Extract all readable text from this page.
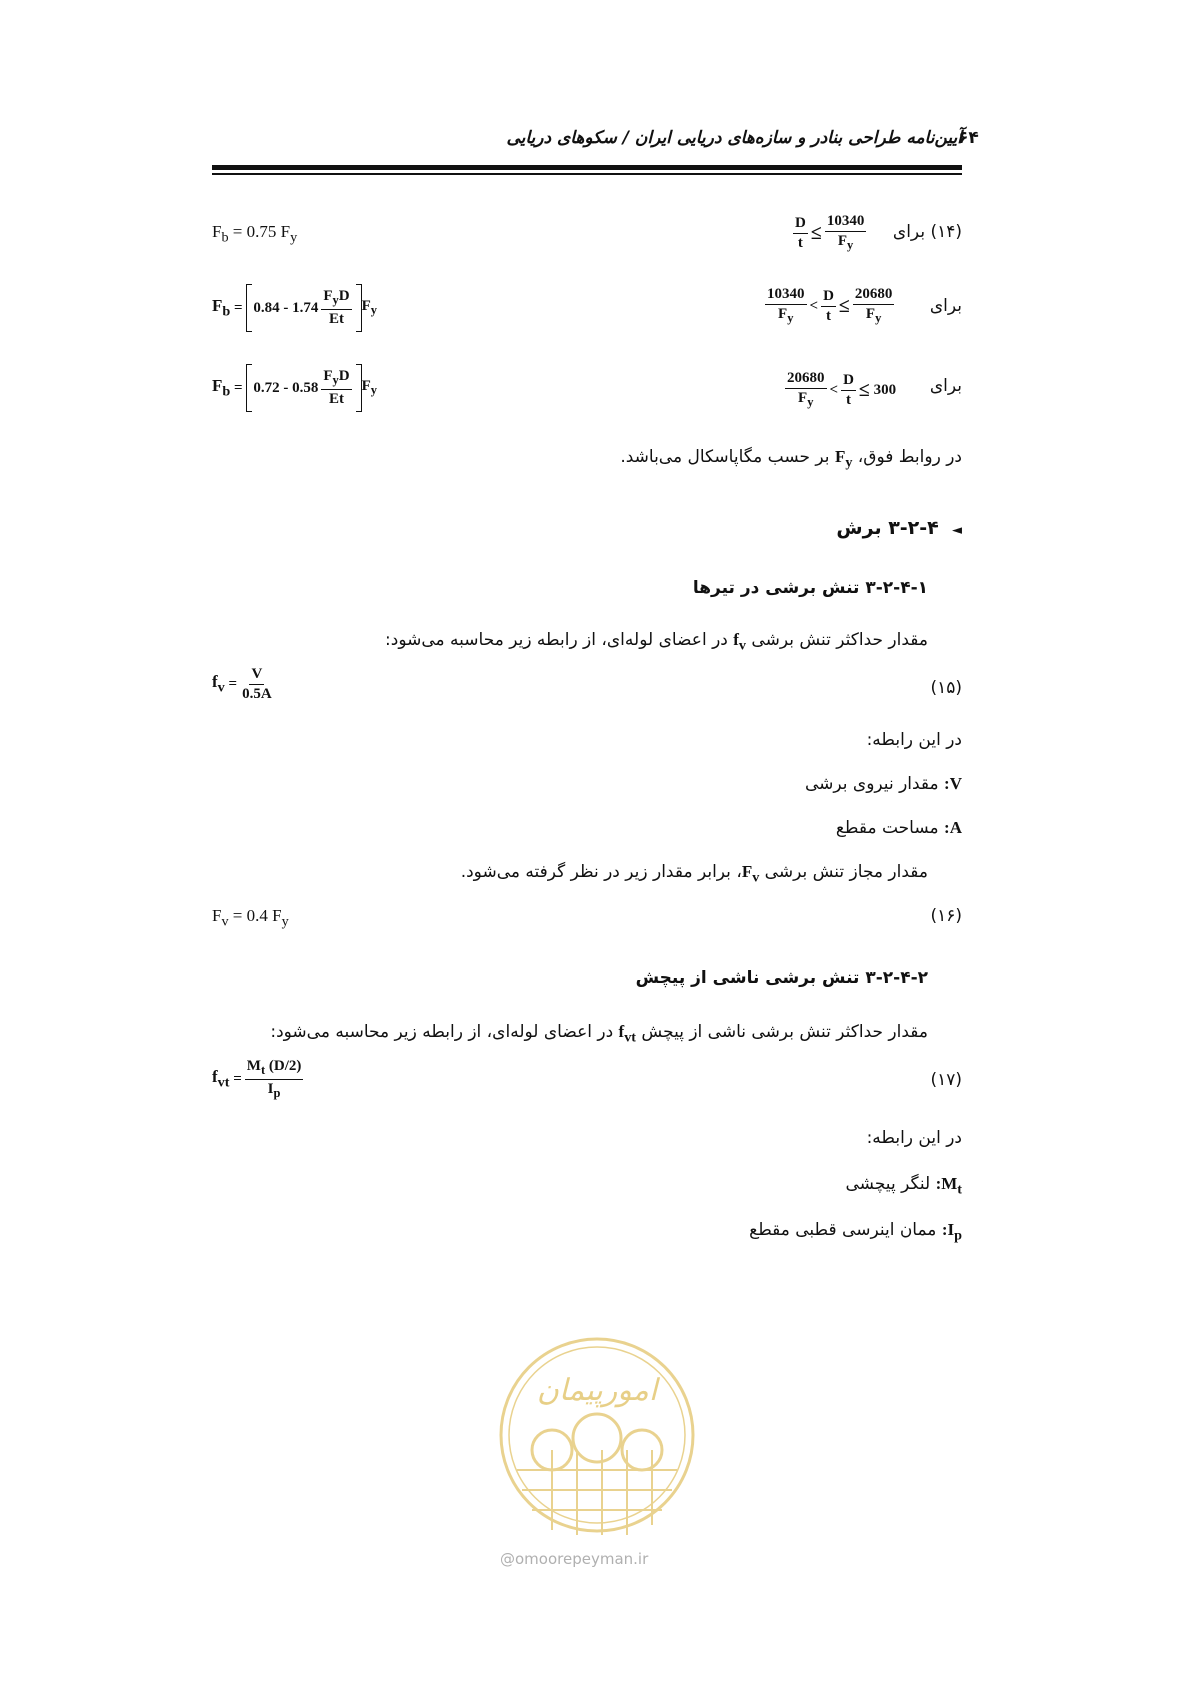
آیین‌نامه طراحی بنادر و سازه‌های دریایی ایران / سکوهای دریایی
۶۴
(۱۴) برای
$\frac{D}{t} \le \frac{10340}{F_y}$
$F_b = 0.75$ $F_y$
برای
$\frac{10340}{F_y} < \frac{D}{t} \le \frac{20680}{F_y}$
$F_b$
=
$0.84 - 1.74 \frac{F_yD}{Et} F_y$
برای
$\frac{20680}{F_y} < \frac{D}{t}$ ≤
300
$F_b$
=
$0.72 - 0.58 \frac{F_yD}{Et} F_y$
در روابط فوق، $F_y$ بر حسب مگاپاسکال می‌باشد.
◄  ۳-۲-۴ برش
۳-۲-۴-۱ تنش برشی در تیرها
مقدار حداکثر تنش برشی $f_v$ در اعضای لوله‌ای، از رابطه زیر محاسبه می‌شود:
(۱۵)
$f_v$
= $\frac{V}{0.5A}$
در این رابطه:
V: مقدار نیروی برشی
A: مساحت مقطع
مقدار مجاز تنش برشی $F_v،$ برابر مقدار زیر در نظر گرفته می‌شود.
(۱۶)
$F_v = 0.4$ $F_y$
۳-۲-۴-۲ تنش برشی ناشی از پیچش
مقدار حداکثر تنش برشی ناشی از پیچش $f_{vt}$ در اعضای لوله‌ای، از رابطه زیر محاسبه می‌شود:
(۱۷)
$f_{vt}$
= $\frac{M_t (D/2)}{I_p}$
در این رابطه:
$M_t$: لنگر پیچشی
$I_p$: ممان اینرسی قطبی مقطع
امورپیمان
@omoorepeyman.ir
